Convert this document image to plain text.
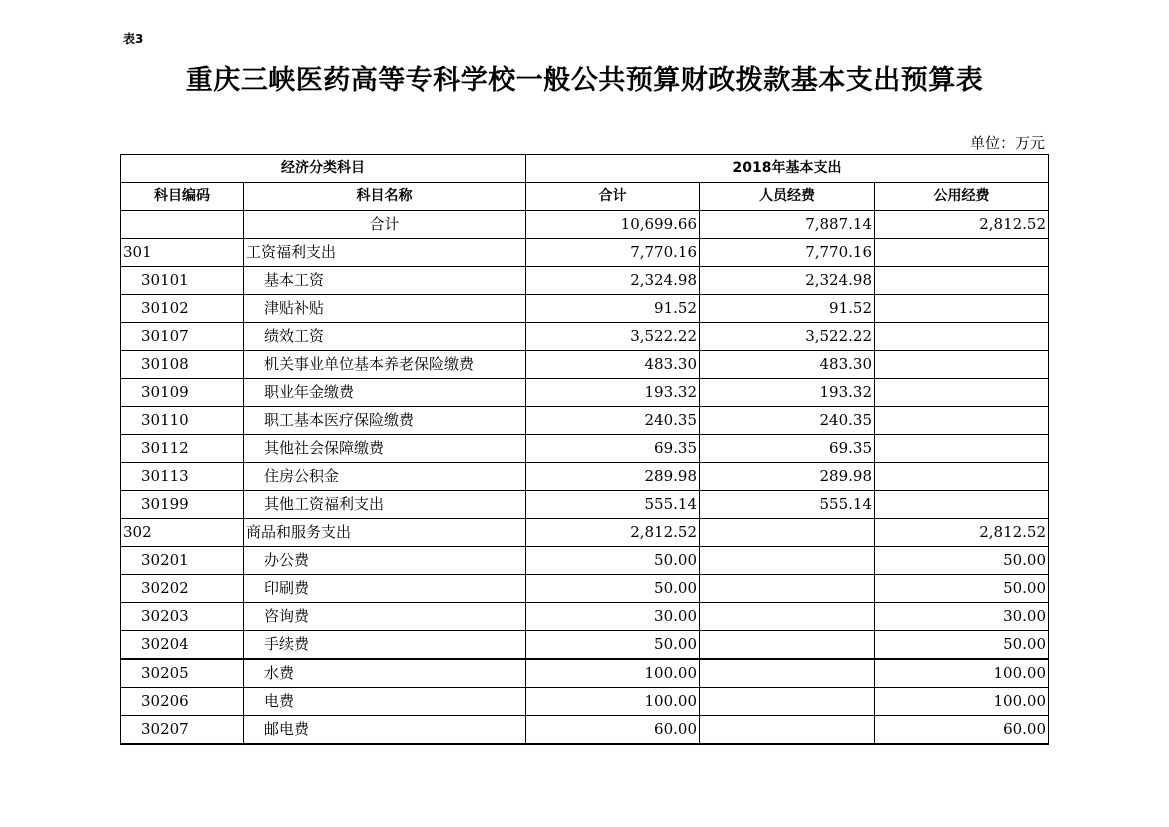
表3
重庆三峡医药高等专科学校一般公共预算财政拨款基本支出预算表
单位：万元
经济分类科目		2018年基本支出		
科目编码	科目名称	合计	人员经费	公用经费
	合计	10,699.66	7,887.14	2,812.52
301	工资福利支出	7,770.16	7,770.16	
30101	基本工资	2,324.98	2,324.98	
30102	津贴补贴	91.52	91.52	
30107	绩效工资	3,522.22	3,522.22	
30108	机关事业单位基本养老保险缴费	483.30	483.30	
30109	职业年金缴费	193.32	193.32	
30110	职工基本医疗保险缴费	240.35	240.35	
30112	其他社会保障缴费	69.35	69.35	
30113	住房公积金	289.98	289.98	
30199	其他工资福利支出	555.14	555.14	
302	商品和服务支出	2,812.52		2,812.52
30201	办公费	50.00		50.00
30202	印刷费	50.00		50.00
30203	咨询费	30.00		30.00
30204	手续费	50.00		50.00
30205	水费	100.00		100.00
30206	电费	100.00		100.00
30207	邮电费	60.00		60.00
